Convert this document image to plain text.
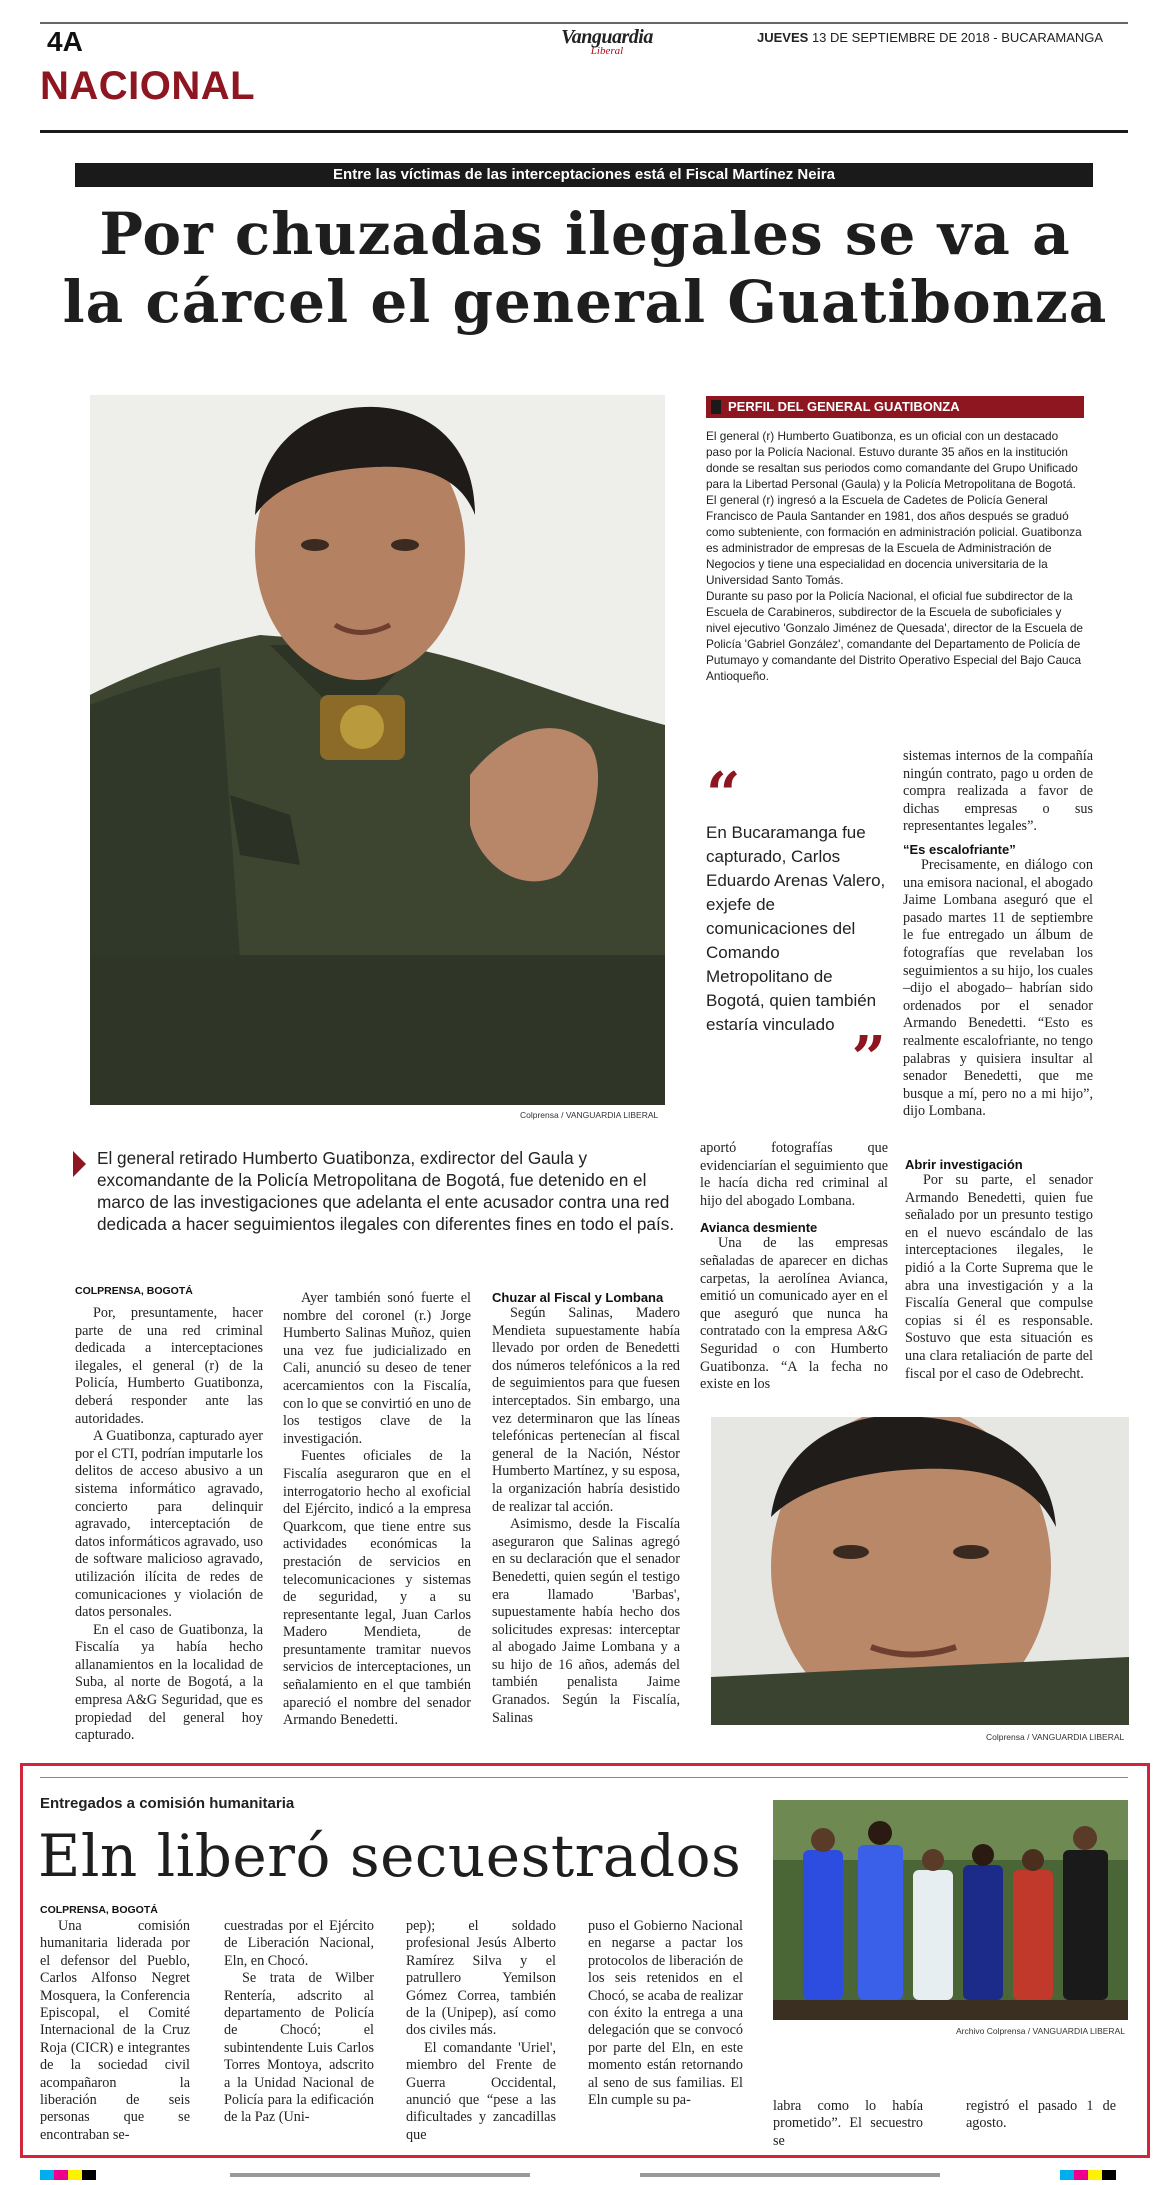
4A	Vanguardia
Liberal
JUEVES 13 DE SEPTIEMBRE DE 2018 - BUCARAMANGA
NACIONAL
Entre las víctimas de las interceptaciones está el Fiscal Martínez Neira
Por chuzadas ilegales se va a
la cárcel el general Guatibonza
Colprensa / VANGUARDIA LIBERAL
PERFIL DEL GENERAL GUATIBONZA

El general (r) Humberto Guatibonza, es un oficial con un destacado paso por la Policía Nacional. Estuvo durante 35 años en la institución donde se resaltan sus periodos como comandante del Grupo Unificado para la Libertad Personal (Gaula) y la Policía Metropolitana de Bogotá.

El general (r) ingresó a la Escuela de Cadetes de Policía General Francisco de Paula Santander en 1981, dos años después se graduó como subteniente, con formación en administración policial. Guatibonza es administrador de empresas de la Escuela de Administración de Negocios y tiene una especialidad en docencia universitaria de la Universidad Santo Tomás.

Durante su paso por la Policía Nacional, el oficial fue subdirector de la Escuela de Carabineros, subdirector de la Escuela de suboficiales y nivel ejecutivo 'Gonzalo Jiménez de Quesada', director de la Escuela de Policía 'Gabriel González', comandante del Departamento de Policía de Putumayo y comandante del Distrito Operativo Especial del Bajo Cauca Antioqueño.

“
En Bucaramanga fue capturado, Carlos Eduardo Arenas Valero, exjefe de comunicaciones del Comando Metropolitano de Bogotá, quien también estaría vinculado ”

sistemas internos de la compañía ningún contrato, pago u orden de compra realizada a favor de dichas empresas o sus representantes legales”.

“Es escalofriante”

Precisamente, en diálogo con una emisora nacional, el abogado Jaime Lombana aseguró que el pasado martes 11 de septiembre le fue entregado un álbum de fotografías que revelaban los seguimientos a su hijo, los cuales –dijo el abogado– habrían sido ordenados por el senador Armando Benedetti. “Esto es realmente escalofriante, no tengo palabras y quisiera insultar al senador Benedetti, que me busque a mí, pero no a mi hijo”, dijo Lombana.

El general retirado Humberto Guatibonza, exdirector del Gaula y excomandante de la Policía Metropolitana de Bogotá, fue detenido en el marco de las investigaciones que adelanta el ente acusador contra una red dedicada a hacer seguimientos ilegales con diferentes fines en todo el país.

aportó fotografías que evidenciarían el seguimiento que le hacía dicha red criminal al hijo del abogado Lombana.

Avianca desmiente

Una de las empresas señaladas de aparecer en dichas carpetas, la aerolínea Avianca, emitió un comunicado ayer en el que aseguró que nunca ha contratado con la empresa A&G Seguridad o con Humberto Guatibonza. “A la fecha no existe en los

Abrir investigación

Por su parte, el senador Armando Benedetti, quien fue señalado por un presunto testigo en el nuevo escándalo de las interceptaciones ilegales, le pidió a la Corte Suprema que le abra una investigación y a la Fiscalía General que compulse copias si él es responsable. Sostuvo que esta situación es una clara retaliación de parte del fiscal por el caso de Odebrecht.

COLPRENSA, BOGOTÁ

Por, presuntamente, hacer parte de una red criminal dedicada a interceptaciones ilegales, el general (r) de la Policía, Humberto Guatibonza, deberá responder ante las autoridades.

A Guatibonza, capturado ayer por el CTI, podrían imputarle los delitos de acceso abusivo a un sistema informático agravado, concierto para delinquir agravado, interceptación de datos informáticos agravado, uso de software malicioso agravado, utilización ilícita de redes de comunicaciones y violación de datos personales.

En el caso de Guatibonza, la Fiscalía ya había hecho allanamientos en la localidad de Suba, al norte de Bogotá, a la empresa A&G Seguridad, que es propiedad del general hoy capturado.

Ayer también sonó fuerte el nombre del coronel (r.) Jorge Humberto Salinas Muñoz, quien una vez fue judicializado en Cali, anunció su deseo de tener acercamientos con la Fiscalía, con lo que se convirtió en uno de los testigos clave de la investigación.

Fuentes oficiales de la Fiscalía aseguraron que en el interrogatorio hecho al exoficial del Ejército, indicó a la empresa Quarkcom, que tiene entre sus actividades económicas la prestación de servicios en telecomunicaciones y sistemas de seguridad, y a su representante legal, Juan Carlos Madero Mendieta, de presuntamente tramitar nuevos servicios de interceptaciones, un señalamiento en el que también apareció el nombre del senador Armando Benedetti.

Chuzar al Fiscal y Lombana

Según Salinas, Madero Mendieta supuestamente había llevado por orden de Benedetti dos números telefónicos a la red de seguimientos para que fuesen interceptados. Sin embargo, una vez determinaron que las líneas telefónicas pertenecían al fiscal general de la Nación, Néstor Humberto Martínez, y su esposa, la organización habría desistido de realizar tal acción.

Asimismo, desde la Fiscalía aseguraron que Salinas agregó en su declaración que el senador Benedetti, quien según el testigo era llamado 'Barbas', supuestamente había hecho dos solicitudes expresas: interceptar al abogado Jaime Lombana y a su hijo de 16 años, además del también penalista Jaime Granados. Según la Fiscalía, Salinas

Colprensa / VANGUARDIA LIBERAL
Entregados a comisión humanitaria
Eln liberó secuestrados
Archivo Colprensa / VANGUARDIA LIBERAL

COLPRENSA, BOGOTÁ

Una comisión humanitaria liderada por el defensor del Pueblo, Carlos Alfonso Negret Mosquera, la Conferencia Episcopal, el Comité Internacional de la Cruz Roja (CICR) e integrantes de la sociedad civil acompañaron la liberación de seis personas que se encontraban se-

cuestradas por el Ejército de Liberación Nacional, Eln, en Chocó.

Se trata de Wilber Rentería, adscrito al departamento de Policía de Chocó; el subintendente Luis Carlos Torres Montoya, adscrito a la Unidad Nacional de Policía para la edificación de la Paz (Uni-

pep); el soldado profesional Jesús Alberto Ramírez Silva y el patrullero Yemilson Gómez Correa, también de la (Unipep), así como dos civiles más.

El comandante 'Uriel', miembro del Frente de Guerra Occidental, anunció que “pese a las dificultades y zancadillas que

puso el Gobierno Nacional en negarse a pactar los protocolos de liberación de los seis retenidos en el Chocó, se acaba de realizar con éxito la entrega a una delegación que se convocó por parte del Eln, en este momento están retornando al seno de sus familias. El Eln cumple su pa-	labra como lo había prometido”. El secuestro se

registró el pasado 1 de agosto.
